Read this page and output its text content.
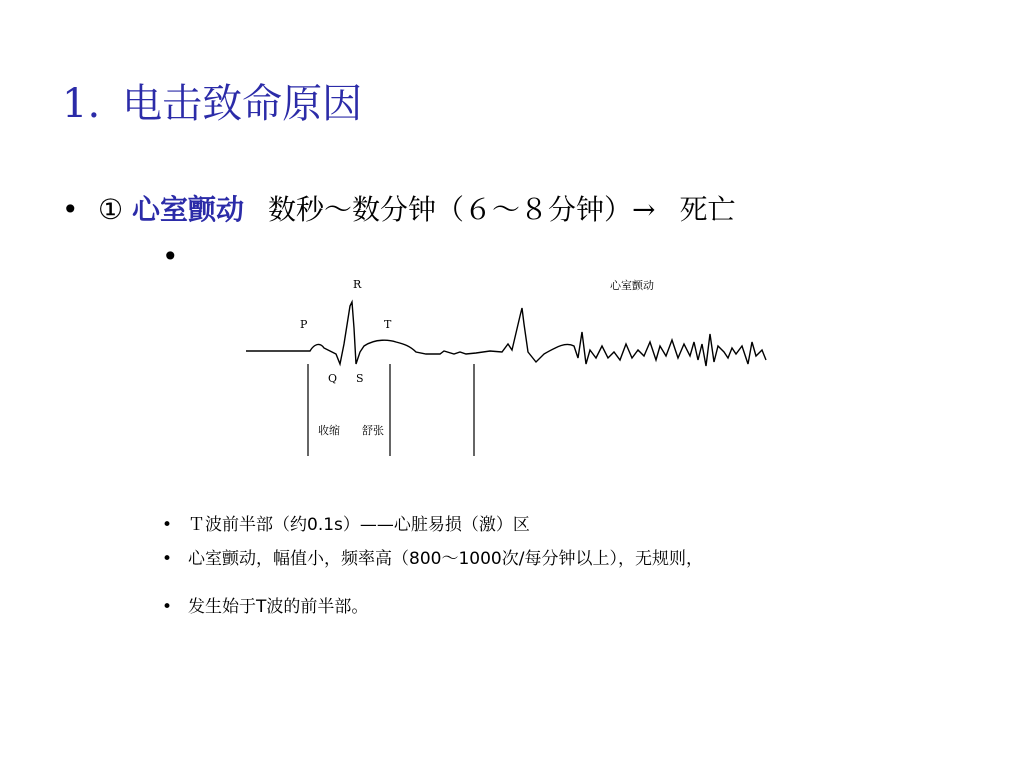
1. 电击致命原因
• ① 心室颤动 数秒～数分钟（６～８分钟）→ 死亡
•
R
P	T
Q S
心室颤动
收缩 舒张
• Ｔ波前半部（约0.1s）——心脏易损（激）区
• 心室颤动，幅值小，频率高（800～1000次/每分钟以上），无规则，
• 发生始于T波的前半部。
